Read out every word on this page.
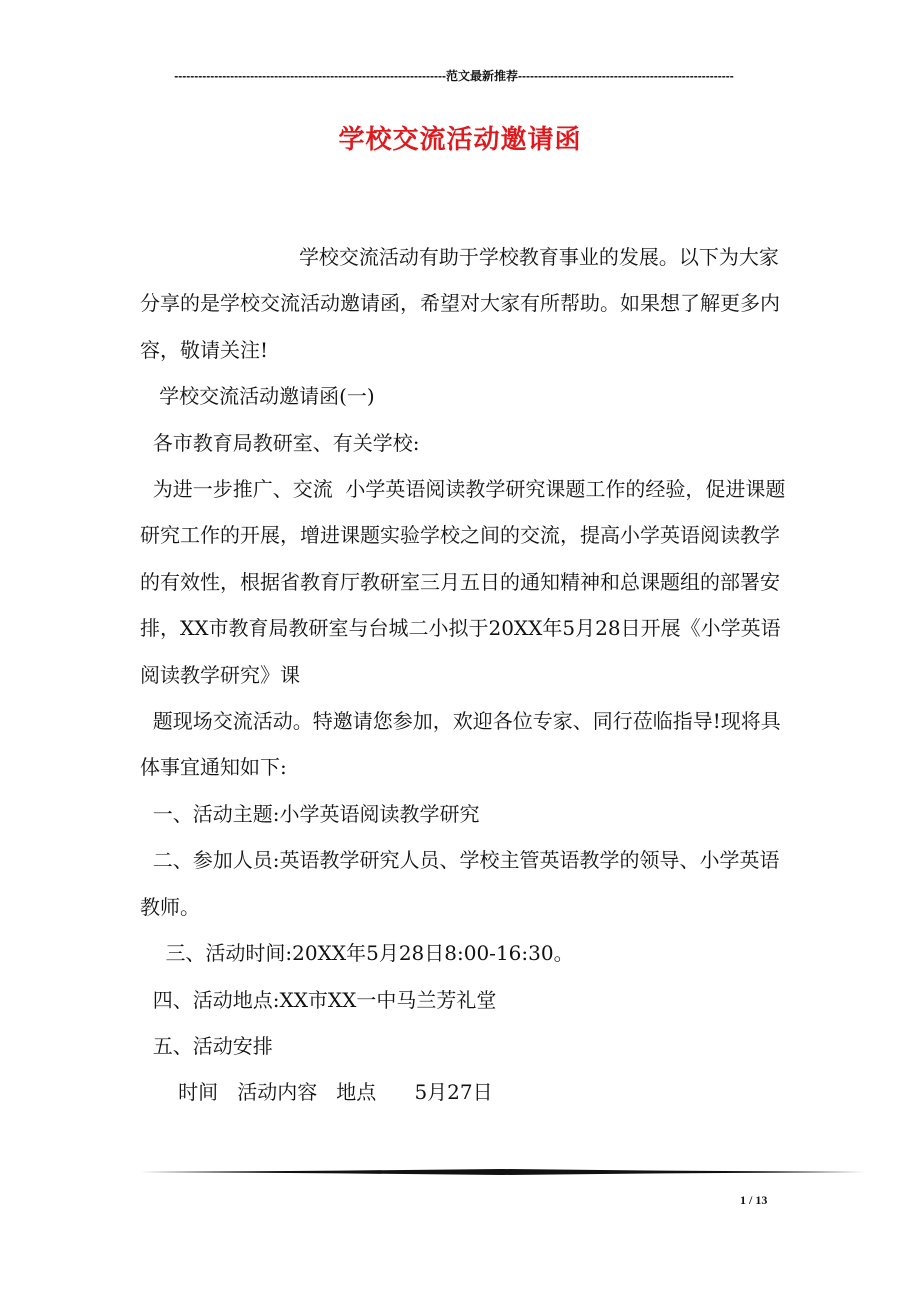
--------------------------------------------------------------------范文最新推荐------------------------------------------------------
学校交流活动邀请函

学校交流活动有助于学校教育事业的发展。以下为大家分享的是学校交流活动邀请函，希望对大家有所帮助。如果想了解更多内容，敬请关注!

学校交流活动邀请函(一)

各市教育局教研室、有关学校:

为进一步推广、交流  小学英语阅读教学研究课题工作的经验，促进课题研究工作的开展，增进课题实验学校之间的交流，提高小学英语阅读教学的有效性，根据省教育厅教研室三月五日的通知精神和总课题组的部署安排，XX市教育局教研室与台城二小拟于20XX年5月28日开展《小学英语阅读教学研究》课

题现场交流活动。特邀请您参加，欢迎各位专家、同行莅临指导!现将具体事宜通知如下:

一、活动主题:小学英语阅读教学研究

二、参加人员:英语教学研究人员、学校主管英语教学的领导、小学英语教师。

三、活动时间:20XX年5月28日8:00-16:30。

四、活动地点:XX市XX一中马兰芳礼堂

五、活动安排

时间   活动内容   地点      5月27日

1 / 13
